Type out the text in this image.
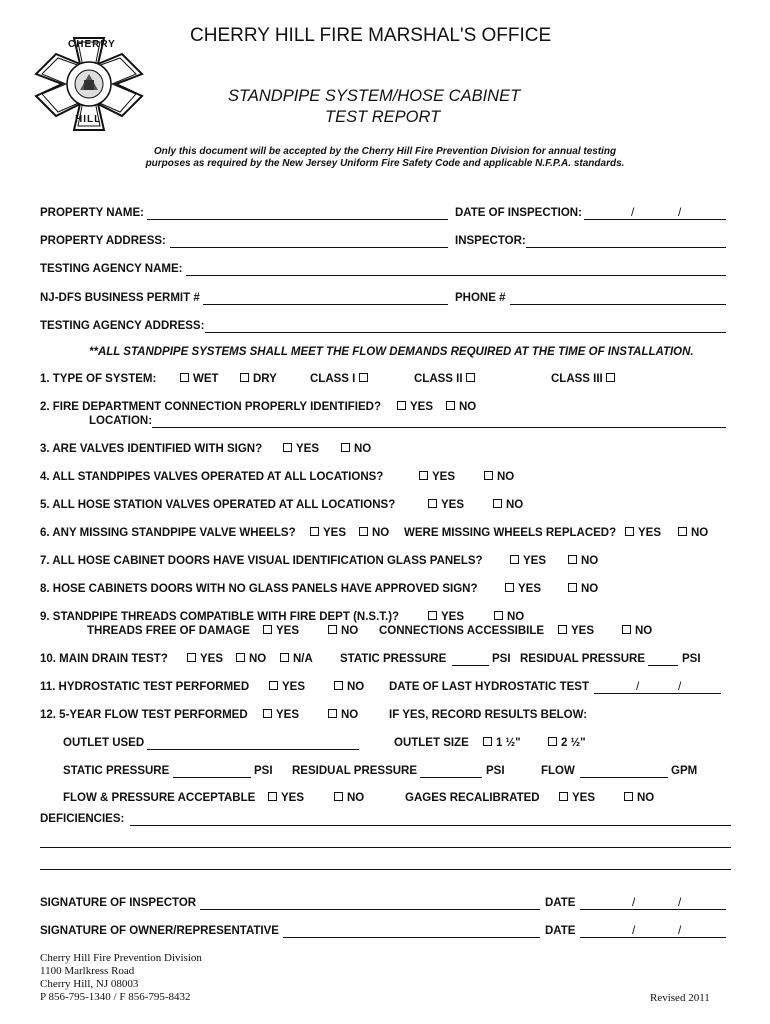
CHERRY
HILL
CHERRY HILL FIRE MARSHAL'S OFFICE
STANDPIPE SYSTEM/HOSE CABINET
TEST REPORT
Only this document will be accepted by the Cherry Hill Fire Prevention Division for annual testing
purposes as required by the New Jersey Uniform Fire Safety Code and applicable N.F.P.A. standards.
PROPERTY NAME:	DATE OF INSPECTION:	/	/
PROPERTY ADDRESS:	INSPECTOR:
TESTING AGENCY NAME:
NJ-DFS BUSINESS PERMIT #	PHONE #
TESTING AGENCY ADDRESS:
**ALL STANDPIPE SYSTEMS SHALL MEET THE FLOW DEMANDS REQUIRED AT THE TIME OF INSTALLATION.
1. TYPE OF SYSTEM:	WET	DRY	CLASS I	CLASS II	CLASS III
2. FIRE DEPARTMENT CONNECTION PROPERLY IDENTIFIED?	YES	NO
LOCATION:
3. ARE VALVES IDENTIFIED WITH SIGN?	YES	NO
4. ALL STANDPIPES VALVES OPERATED AT ALL LOCATIONS?	YES	NO
5. ALL HOSE STATION VALVES OPERATED AT ALL LOCATIONS?	YES	NO
6. ANY MISSING STANDPIPE VALVE WHEELS?	YES	NO WERE MISSING WHEELS REPLACED?	YES	NO
7. ALL HOSE CABINET DOORS HAVE VISUAL IDENTIFICATION GLASS PANELS?	YES	NO
8. HOSE CABINETS DOORS WITH NO GLASS PANELS HAVE APPROVED SIGN?	YES	NO
9. STANDPIPE THREADS COMPATIBLE WITH FIRE DEPT (N.S.T.)?	YES	NO
THREADS FREE OF DAMAGE	YES	NO CONNECTIONS ACCESSIBILE	YES	NO
10. MAIN DRAIN TEST?	YES	NO	N/A STATIC PRESSURE	PSI RESIDUAL PRESSURE	PSI
11. HYDROSTATIC TEST PERFORMED	YES	NO DATE OF LAST HYDROSTATIC TEST	/	/
12. 5-YEAR FLOW TEST PERFORMED	YES	NO	IF YES, RECORD RESULTS BELOW:
OUTLET USED	OUTLET SIZE	1 ½"	2 ½"
STATIC PRESSURE	PSI RESIDUAL PRESSURE	PSI	FLOW	GPM
FLOW & PRESSURE ACCEPTABLE	YES	NO	GAGES RECALIBRATED	YES	NO
DEFICIENCIES:
SIGNATURE OF INSPECTOR	DATE	/	/
SIGNATURE OF OWNER/REPRESENTATIVE	DATE	/	/
Cherry Hill Fire Prevention Division
1100 Marlkress Road
Cherry Hill, NJ 08003
P 856-795-1340 / F 856-795-8432	Revised 2011
